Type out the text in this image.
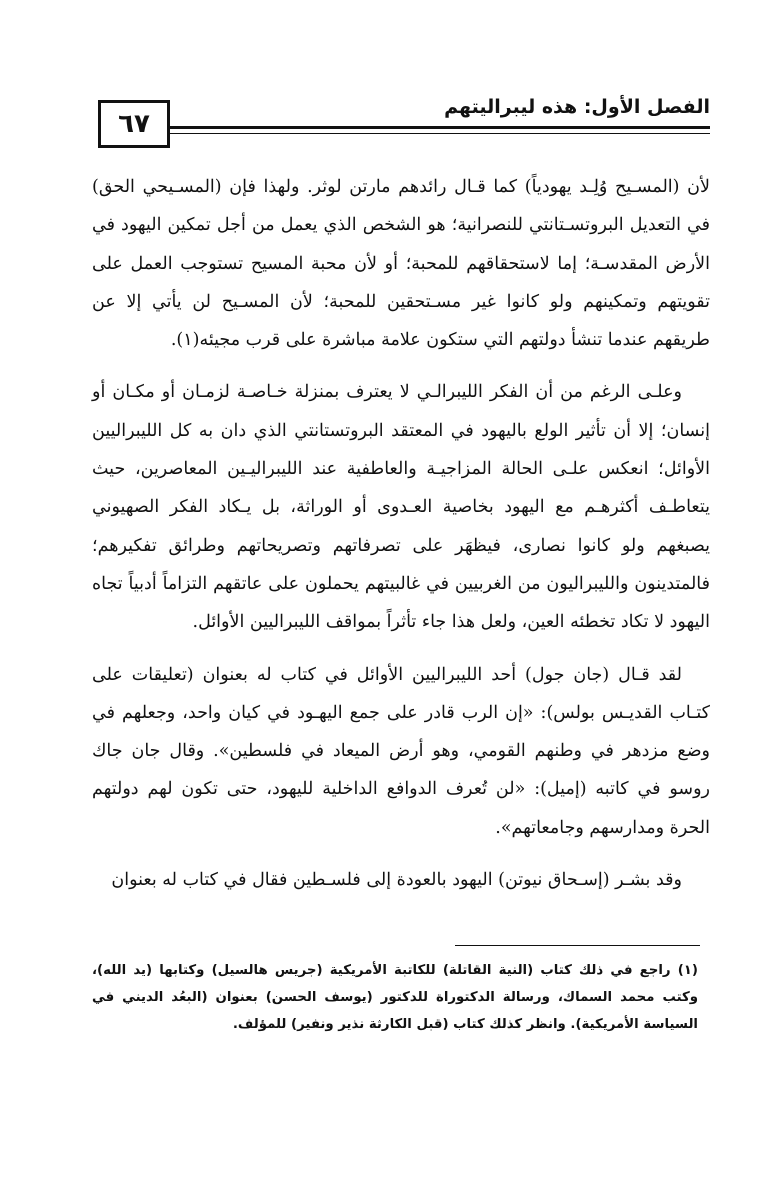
٦٧
الفصل الأول: هذه ليبراليتهم

لأن (المسـيح وُلِـد يهودياً) كما قـال رائدهم مارتن لوثر. ولهذا فإن (المسـيحي الحق) في التعديل البروتسـتانتي للنصرانية؛ هو الشخص الذي يعمل من أجل تمكين اليهود في الأرض المقدسـة؛ إما لاستحقاقهم للمحبة؛ أو لأن محبة المسيح تستوجب العمل على تقويتهم وتمكينهم ولو كانوا غير مسـتحقين للمحبة؛ لأن المسـيح لن يأتي إلا عن طريقهم عندما تنشأ دولتهم التي ستكون علامة مباشرة على قرب مجيئه(١).

وعلـى الرغم من أن الفكر الليبرالـي لا يعترف بمنزلة خـاصـة لزمـان أو مكـان أو إنسان؛ إلا أن تأثير الولع باليهود في المعتقد البروتستانتي الذي دان به كل الليبراليين الأوائل؛ انعكس علـى الحالة المزاجيـة والعاطفية عند الليبراليـين المعاصرين، حيث يتعاطـف أكثرهـم مع اليهود بخاصية العـدوى أو الوراثة، بل يـكاد الفكر الصهيوني يصبغهم ولو كانوا نصارى، فيظهَر على تصرفاتهم وتصريحاتهم وطرائق تفكيرهم؛ فالمتدينون والليبراليون من الغربيين في غالبيتهم يحملون على عاتقهم التزاماً أدبياً تجاه اليهود لا تكاد تخطئه العين، ولعل هذا جاء تأثراً بمواقف الليبراليين الأوائل.

لقد قـال (جان جول) أحد الليبراليين الأوائل في كتاب له بعنوان (تعليقات على كتـاب القديـس بولس): «إن الرب قادر على جمع اليهـود في كيان واحد، وجعلهم في وضع مزدهر في وطنهم القومي، وهو أرض الميعاد في فلسطين». وقال جان جاك روسو في كاتبه (إميل): «لن تُعرف الدوافع الداخلية لليهود، حتى تكون لهم دولتهم الحرة ومدارسهم وجامعاتهم».

وقد بشـر (إسـحاق نيوتن) اليهود بالعودة إلى فلسـطين فقال في كتاب له بعنوان

(١) راجع في ذلك كتاب (النية القاتلة) للكاتبة الأمريكية (جريس هالسيل) وكتابها (يد الله)، وكتب محمد السماك، ورسالة الدكتوراة للدكتور (يوسف الحسن) بعنوان (البعُد الديني في السياسة الأمريكية). وانظر كذلك كتاب (قبل الكارثة نذير ونفير) للمؤلف.
